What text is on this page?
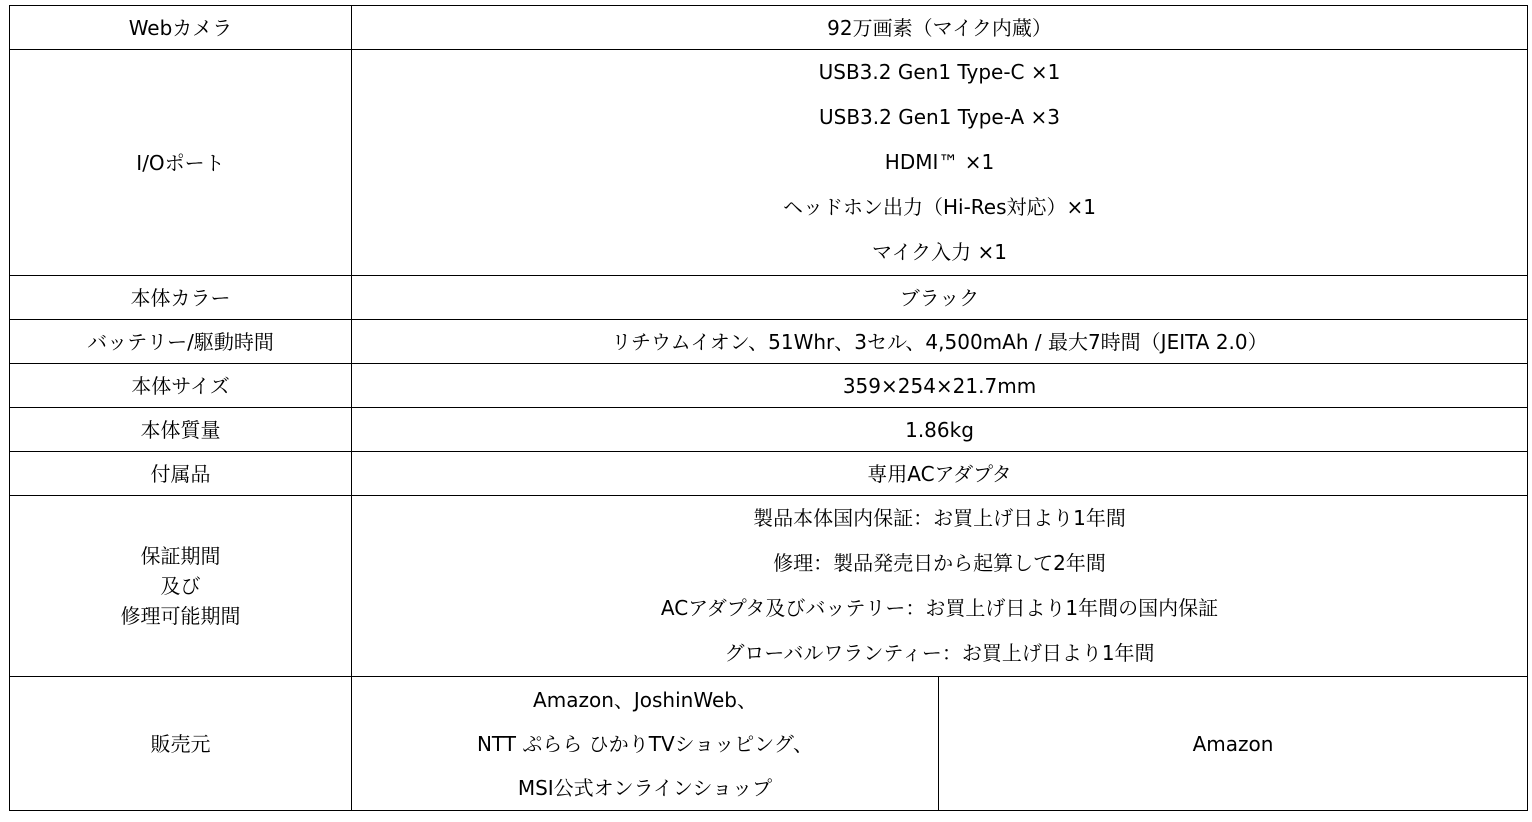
Webカメラ	92万画素（マイク内蔵）	
I/Oポート	USB3.2 Gen1 Type-C ×1
USB3.2 Gen1 Type-A ×3
HDMI™ ×1
ヘッドホン出力（Hi-Res対応）×1
マイク入力 ×1	

本体カラー	ブラック	
バッテリー/駆動時間	リチウムイオン、51Whr、3セル、4,500mAh / 最大7時間（JEITA 2.0）	
本体サイズ	359×254×21.7mm	
本体質量	1.86kg	
付属品	専用ACアダプタ	

保証期間
及び
修理可能期間	製品本体国内保証：お買上げ日より1年間
修理：製品発売日から起算して2年間
ACアダプタ及びバッテリー：お買上げ日より1年間の国内保証
グローバルワランティー：お買上げ日より1年間	

販売元	Amazon、JoshinWeb、
NTT ぷらら ひかりTVショッピング、
MSI公式オンラインショップ	Amazon
